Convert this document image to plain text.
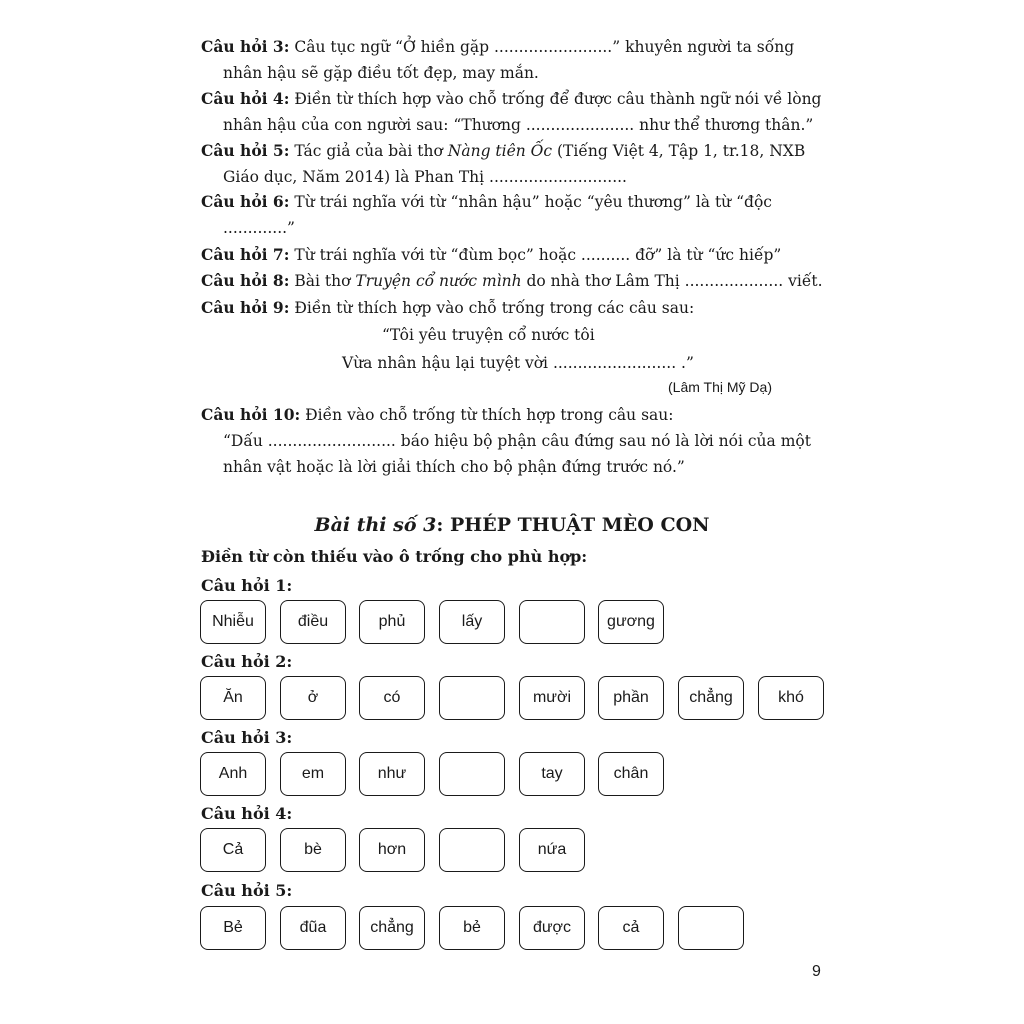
Câu hỏi 3: Câu tục ngữ “Ở hiền gặp ........................” khuyên người ta sống
nhân hậu sẽ gặp điều tốt đẹp, may mắn.
Câu hỏi 4: Điền từ thích hợp vào chỗ trống để được câu thành ngữ nói về lòng
nhân hậu của con người sau: “Thương ...................... như thể thương thân.”
Câu hỏi 5: Tác giả của bài thơ Nàng tiên Ốc (Tiếng Việt 4, Tập 1, tr.18, NXB
Giáo dục, Năm 2014) là Phan Thị ............................
Câu hỏi 6: Từ trái nghĩa với từ “nhân hậu” hoặc “yêu thương” là từ “độc
.............”
Câu hỏi 7: Từ trái nghĩa với từ “đùm bọc” hoặc .......... đỡ” là từ “ức hiếp”
Câu hỏi 8: Bài thơ Truyện cổ nước mình do nhà thơ Lâm Thị .................... viết.
Câu hỏi 9: Điền từ thích hợp vào chỗ trống trong các câu sau:
“Tôi yêu truyện cổ nước tôi
Vừa nhân hậu lại tuyệt vời ......................... .”
(Lâm Thị Mỹ Dạ)
Câu hỏi 10: Điền vào chỗ trống từ thích hợp trong câu sau:
“Dấu .......................... báo hiệu bộ phận câu đứng sau nó là lời nói của một
nhân vật hoặc là lời giải thích cho bộ phận đứng trước nó.”
Bài thi số 3: PHÉP THUẬT MÈO CON
Điền từ còn thiếu vào ô trống cho phù hợp:
Câu hỏi 1:
Nhiễu	điều	phủ	lấy	gương
Câu hỏi 2:
Ăn	ở	có	mười	phần	chẳng	khó
Câu hỏi 3:
Anh	em	như	tay	chân
Câu hỏi 4:
Cả	bè	hơn	nứa
Câu hỏi 5:
Bẻ	đũa	chẳng	bẻ	được	cả
9
